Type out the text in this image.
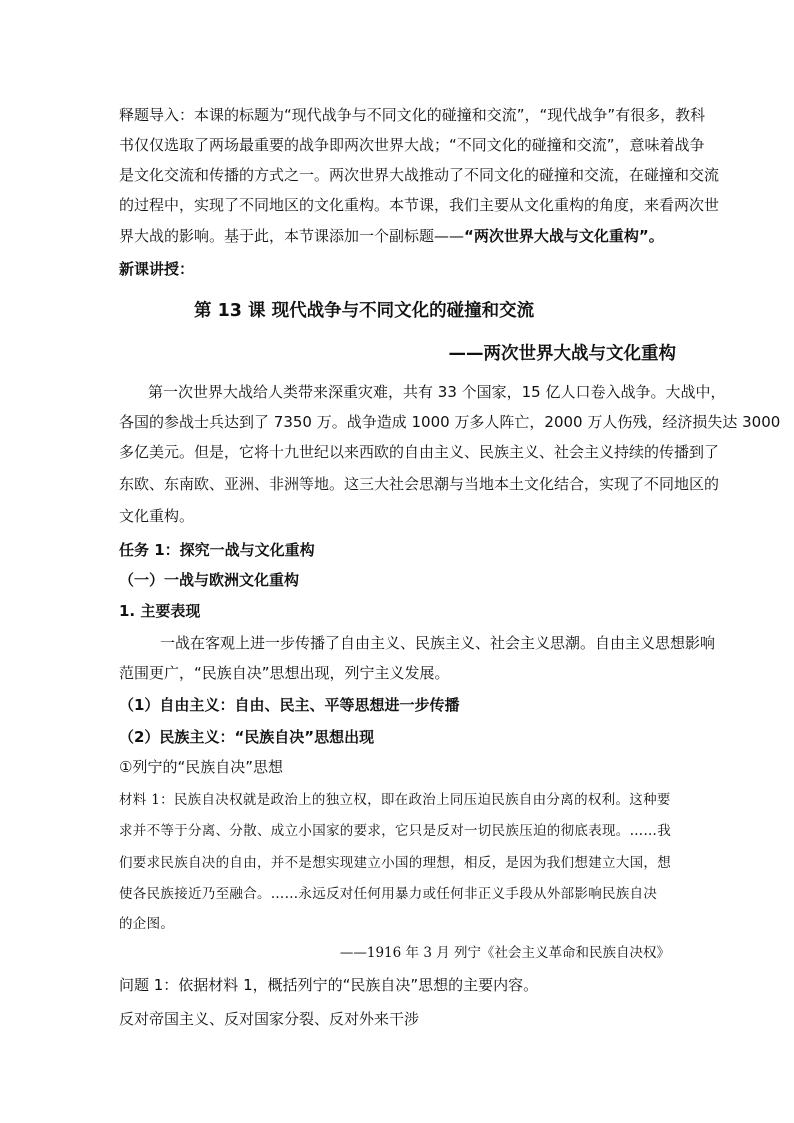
释题导入：本课的标题为“现代战争与不同文化的碰撞和交流”，“现代战争”有很多，教科
书仅仅选取了两场最重要的战争即两次世界大战；“不同文化的碰撞和交流”，意味着战争
是文化交流和传播的方式之一。两次世界大战推动了不同文化的碰撞和交流，在碰撞和交流
的过程中，实现了不同地区的文化重构。本节课，我们主要从文化重构的角度，来看两次世
界大战的影响。基于此，本节课添加一个副标题——“两次世界大战与文化重构”。
新课讲授：
第 13 课 现代战争与不同文化的碰撞和交流
——两次世界大战与文化重构
第一次世界大战给人类带来深重灾难，共有 33 个国家，15 亿人口卷入战争。大战中，
各国的参战士兵达到了 7350 万。战争造成 1000 万多人阵亡，2000 万人伤残，经济损失达 3000
多亿美元。但是，它将十九世纪以来西欧的自由主义、民族主义、社会主义持续的传播到了
东欧、东南欧、亚洲、非洲等地。这三大社会思潮与当地本土文化结合，实现了不同地区的
文化重构。
任务 1：探究一战与文化重构
（一）一战与欧洲文化重构
1. 主要表现
一战在客观上进一步传播了自由主义、民族主义、社会主义思潮。自由主义思想影响
范围更广，“民族自决”思想出现，列宁主义发展。
（1）自由主义：自由、民主、平等思想进一步传播
（2）民族主义：“民族自决”思想出现
①列宁的“民族自决”思想
材料 1：民族自决权就是政治上的独立权，即在政治上同压迫民族自由分离的权利。这种要
求并不等于分离、分散、成立小国家的要求，它只是反对一切民族压迫的彻底表现。……我
们要求民族自决的自由，并不是想实现建立小国的理想，相反，是因为我们想建立大国，想
使各民族接近乃至融合。……永远反对任何用暴力或任何非正义手段从外部影响民族自决
的企图。
——1916 年 3 月 列宁《社会主义革命和民族自决权》
问题 1：依据材料 1，概括列宁的“民族自决”思想的主要内容。
反对帝国主义、反对国家分裂、反对外来干涉
